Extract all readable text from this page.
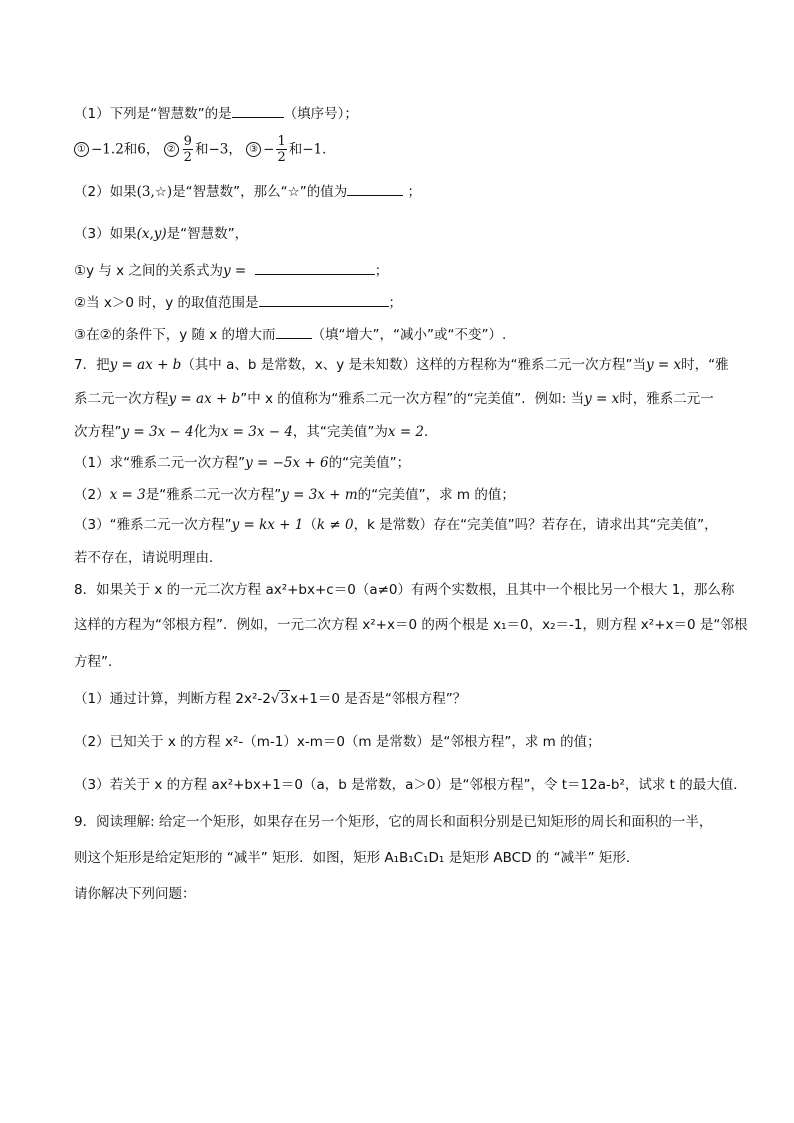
（1）下列是“智慧数”的是	（填序号）；
① −1.2和6， ② $\frac{9}{2}$ 和−3， ③ − $\frac{1}{2}$ 和−1．
（2）如果(3,☆)是“智慧数”，那么“☆”的值为	；
（3）如果(x,y)是“智慧数”，
①y 与 x 之间的关系式为y =	；
②当 x＞0 时，y 的取值范围是	；
③在②的条件下，y 随 x 的增大而	（填“增大”，“减小”或“不变”）.
7．把y = ax + b（其中 a、b 是常数，x、y 是未知数）这样的方程称为“雅系二元一次方程”当y = x时，“雅
系二元一次方程y = ax + b”中 x 的值称为“雅系二元一次方程”的“完美值”．例如: 当y = x时，雅系二元一
次方程”y = 3x − 4化为x = 3x − 4，其“完美值”为x = 2．
（1）求“雅系二元一次方程”y = −5x + 6的“完美值”；
（2）x = 3是“雅系二元一次方程”y = 3x + m的“完美值”，求 m 的值；
（3）“雅系二元一次方程”y = kx + 1（k ≠ 0，k 是常数）存在“完美值”吗？若存在，请求出其“完美值”，
若不存在，请说明理由．
8．如果关于 x 的一元二次方程 ax²+bx+c＝0（a≠0）有两个实数根，且其中一个根比另一个根大 1，那么称
这样的方程为“邻根方程”．例如，一元二次方程 x²+x＝0 的两个根是 x₁＝0，x₂＝-1，则方程 x²+x＝0 是“邻根
方程”．
（1）通过计算，判断方程 2x²-2√3x+1＝0 是否是“邻根方程”？
（2）已知关于 x 的方程 x²-（m-1）x-m＝0（m 是常数）是“邻根方程”，求 m 的值；
（3）若关于 x 的方程 ax²+bx+1＝0（a，b 是常数，a＞0）是“邻根方程”，令 t＝12a-b²，试求 t 的最大值．
9．阅读理解: 给定一个矩形，如果存在另一个矩形，它的周长和面积分别是已知矩形的周长和面积的一半，
则这个矩形是给定矩形的 “减半” 矩形．如图，矩形 A₁B₁C₁D₁ 是矩形 ABCD 的 “减半” 矩形．
请你解决下列问题：
